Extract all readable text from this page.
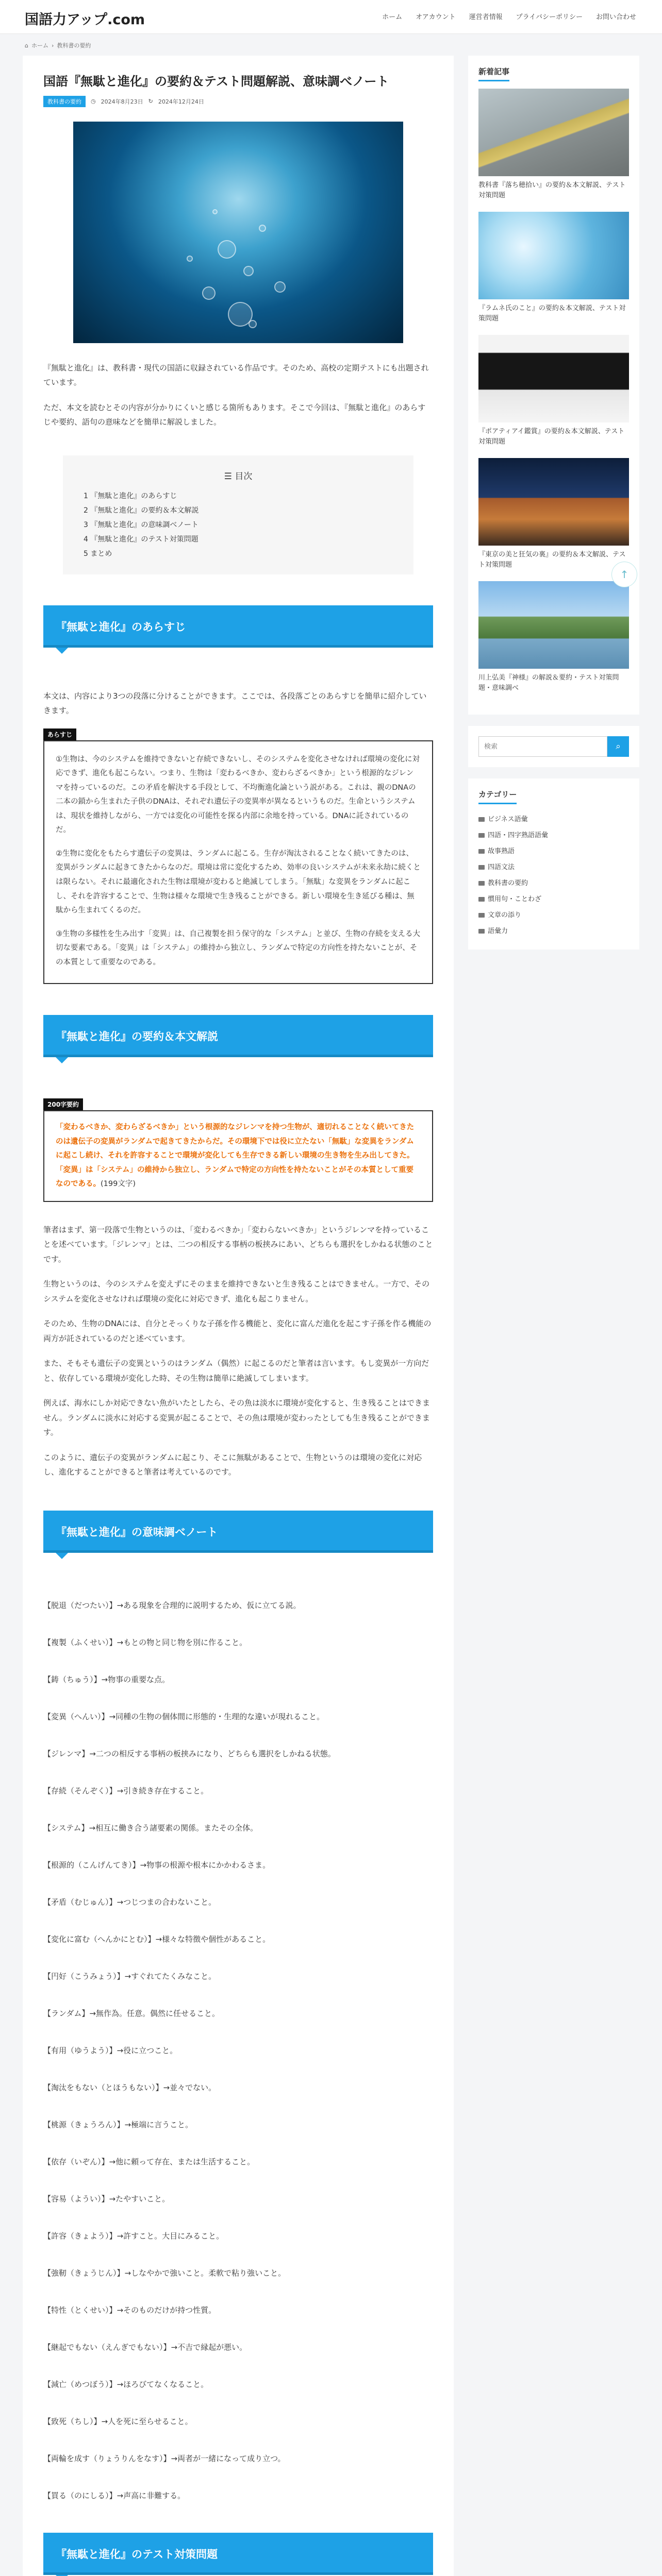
国語力アップ.com	ホーム オアカウント 運営者情報 プライバシーポリシー お問い合わせ
⌂ ホーム › 教科書の要約
国語『無駄と進化』の要約＆テスト問題解説、意味調べノート
教科書の要約	◷ 2024年8月23日 ↻ 2024年12月24日

『無駄と進化』は、教科書・現代の国語に収録されている作品です。そのため、高校の定期テストにも出題されています。

ただ、本文を読むとその内容が分かりにくいと感じる箇所もあります。そこで今回は、『無駄と進化』のあらすじや要約、語句の意味などを簡単に解説しました。

☰ 目次
1 『無駄と進化』のあらすじ
2 『無駄と進化』の要約＆本文解説
3 『無駄と進化』の意味調べノート
4 『無駄と進化』のテスト対策問題
5 まとめ
『無駄と進化』のあらすじ

本文は、内容により3つの段落に分けることができます。ここでは、各段落ごとのあらすじを簡単に紹介していきます。

あらすじ

①生物は、今のシステムを維持できないと存続できないし、そのシステムを変化させなければ環境の変化に対応できず、進化も起こらない。つまり、生物は「変わるべきか、変わらざるべきか」という根源的なジレンマを持っているのだ。この矛盾を解決する手段として、不均衡進化論という説がある。これは、親のDNAの二本の鎖から生まれた子供のDNAは、それぞれ遺伝子の変異率が異なるというものだ。生命というシステムは、現状を維持しながら、一方では変化の可能性を探る内部に余地を持っている。DNAに託されているのだ。

②生物に変化をもたらす遺伝子の変異は、ランダムに起こる。生存が淘汰されることなく続いてきたのは、変異がランダムに起きてきたからなのだ。環境は常に変化するため、効率の良いシステムが未来永劫に続くとは限らない。それに最適化された生物は環境が変わると絶滅してしまう。「無駄」な変異をランダムに起こし、それを許容することで、生物は様々な環境で生き残ることができる。新しい環境を生き延びる種は、無駄から生まれてくるのだ。

③生物の多様性を生み出す「変異」は、自己複製を担う保守的な「システム」と並び、生物の存続を支える大切な要素である。「変異」は「システム」の維持から独立し、ランダムで特定の方向性を持たないことが、その本質として重要なのである。

『無駄と進化』の要約＆本文解説
200字要約
「変わるべきか、変わらざるべきか」という根源的なジレンマを持つ生物が、適切れることなく続いてきたのは遺伝子の変異がランダムで起きてきたからだ。その環境下では役に立たない「無駄」な変異をランダムに起こし続け、それを許容することで環境が変化しても生存できる新しい環境の生き物を生み出してきた。「変異」は「システム」の維持から独立し、ランダムで特定の方向性を持たないことがその本質として重要なのである。(199文字)

筆者はまず、第一段落で生物というのは、「変わるべきか」「変わらないべきか」というジレンマを持っていることを述べています。「ジレンマ」とは、二つの相反する事柄の板挟みにあい、どちらも選択をしかねる状態のことです。

生物というのは、今のシステムを変えずにそのままを維持できないと生き残ることはできません。一方で、そのシステムを変化させなければ環境の変化に対応できず、進化も起こりません。

そのため、生物のDNAには、自分とそっくりな子孫を作る機能と、変化に富んだ進化を起こす子孫を作る機能の両方が託されているのだと述べています。

また、そもそも遺伝子の変異というのはランダム（偶然）に起こるのだと筆者は言います。もし変異が一方向だと、依存している環境が変化した時、その生物は簡単に絶滅してしまいます。

例えば、海水にしか対応できない魚がいたとしたら、その魚は淡水に環境が変化すると、生き残ることはできません。ランダムに淡水に対応する変異が起こることで、その魚は環境が変わったとしても生き残ることができます。

このように、遺伝子の変異がランダムに起こり、そこに無駄があることで、生物というのは環境の変化に対応し、進化することができると筆者は考えているのです。

『無駄と進化』の意味調べノート
【脱退（だつたい）】→ある現象を合理的に説明するため、仮に立てる説。
【複製（ふくせい）】→もとの物と同じ物を別に作ること。
【鋳（ちゅう）】→物事の重要な点。
【変異（へんい）】→同種の生物の個体間に形態的・生理的な違いが現れること。
【ジレンマ】→二つの相反する事柄の板挟みになり、どちらも選択をしかねる状態。
【存続（そんぞく）】→引き続き存在すること。
【システム】→相互に働き合う諸要素の関係。またその全体。
【根源的（こんげんてき）】→物事の根源や根本にかかわるさま。
【矛盾（むじゅん）】→つじつまの合わないこと。
【変化に富む（へんかにとむ）】→様々な特徴や個性があること。
【円好（こうみょう）】→すぐれてたくみなこと。
【ランダム】→無作為。任意。偶然に任せること。
【有用（ゆうよう）】→役に立つこと。
【淘汰をもない（とほうもない）】→並々でない。
【桃源（きょうろん）】→極端に言うこと。
【依存（いぞん）】→他に頼って存在、または生活すること。
【容易（ようい）】→たやすいこと。
【許容（きょよう）】→許すこと。大目にみること。
【強靭（きょうじん）】→しなやかで強いこと。柔軟で粘り強いこと。
【特性（とくせい）】→そのものだけが持つ性質。
【継起でもない（えんぎでもない）】→不吉で縁起が悪い。
【減亡（めつぼう）】→ほろびてなくなること。
【致死（ちし）】→人を死に至らせること。
【両輪を成す（りょうりんをなす）】→両者が一緒になって成り立つ。
【買る（のにしる）】→声高に非難する。
『無駄と進化』のテスト対策問題

新着記事
教科書『落ち穂拾い』の要約＆本文解説、テスト対策問題
『ラムネ氏のこと』の要約＆本文解説、テスト対策問題
『ポアティアイ鑑賞』の要約＆本文解説、テスト対策問題
『東京の美と狂気の裏』の要約＆本文解説、テスト対策問題
川上弘美『神様』の解説＆要約・テスト対策問題・意味調べ
検索
⌕
カテゴリー
ビジネス語彙
四語・四字熟語語彙
故事熟語
四語文法
教科書の要約
慣用句・ことわざ
文章の添り
語彙力
↑
